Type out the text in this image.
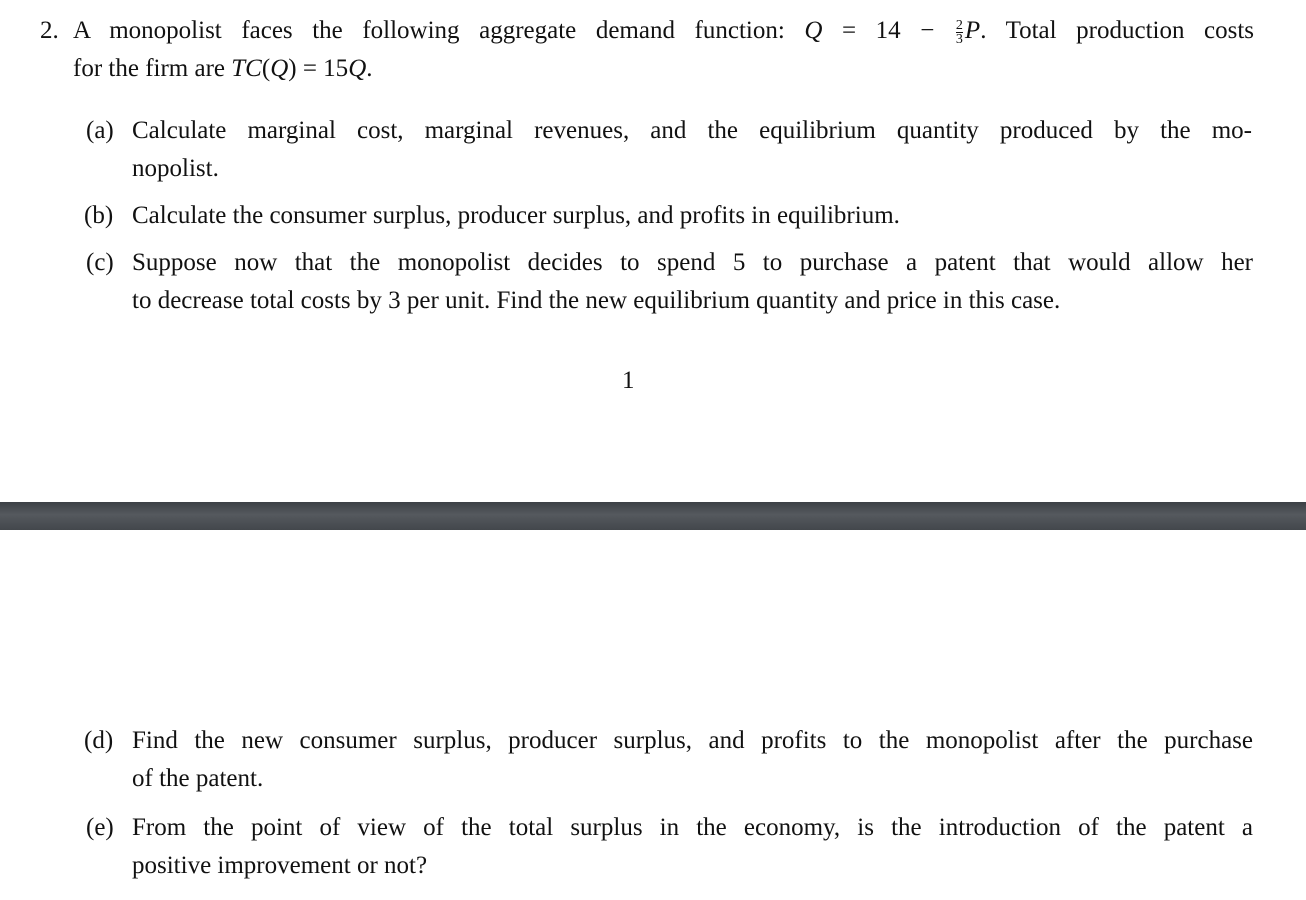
2. A monopolist faces the following aggregate demand function: $Q = 14 - \frac{2}{3} P$. Total production costs
for the firm are TC(Q) = 15Q.
(a) Calculate marginal cost, marginal revenues, and the equilibrium quantity produced by the mo-
nopolist.
(b) Calculate the consumer surplus, producer surplus, and profits in equilibrium.
(c) Suppose now that the monopolist decides to spend 5 to purchase a patent that would allow her
to decrease total costs by 3 per unit. Find the new equilibrium quantity and price in this case.
1
(d) Find the new consumer surplus, producer surplus, and profits to the monopolist after the purchase
of the patent.
(e) From the point of view of the total surplus in the economy, is the introduction of the patent a
positive improvement or not?
